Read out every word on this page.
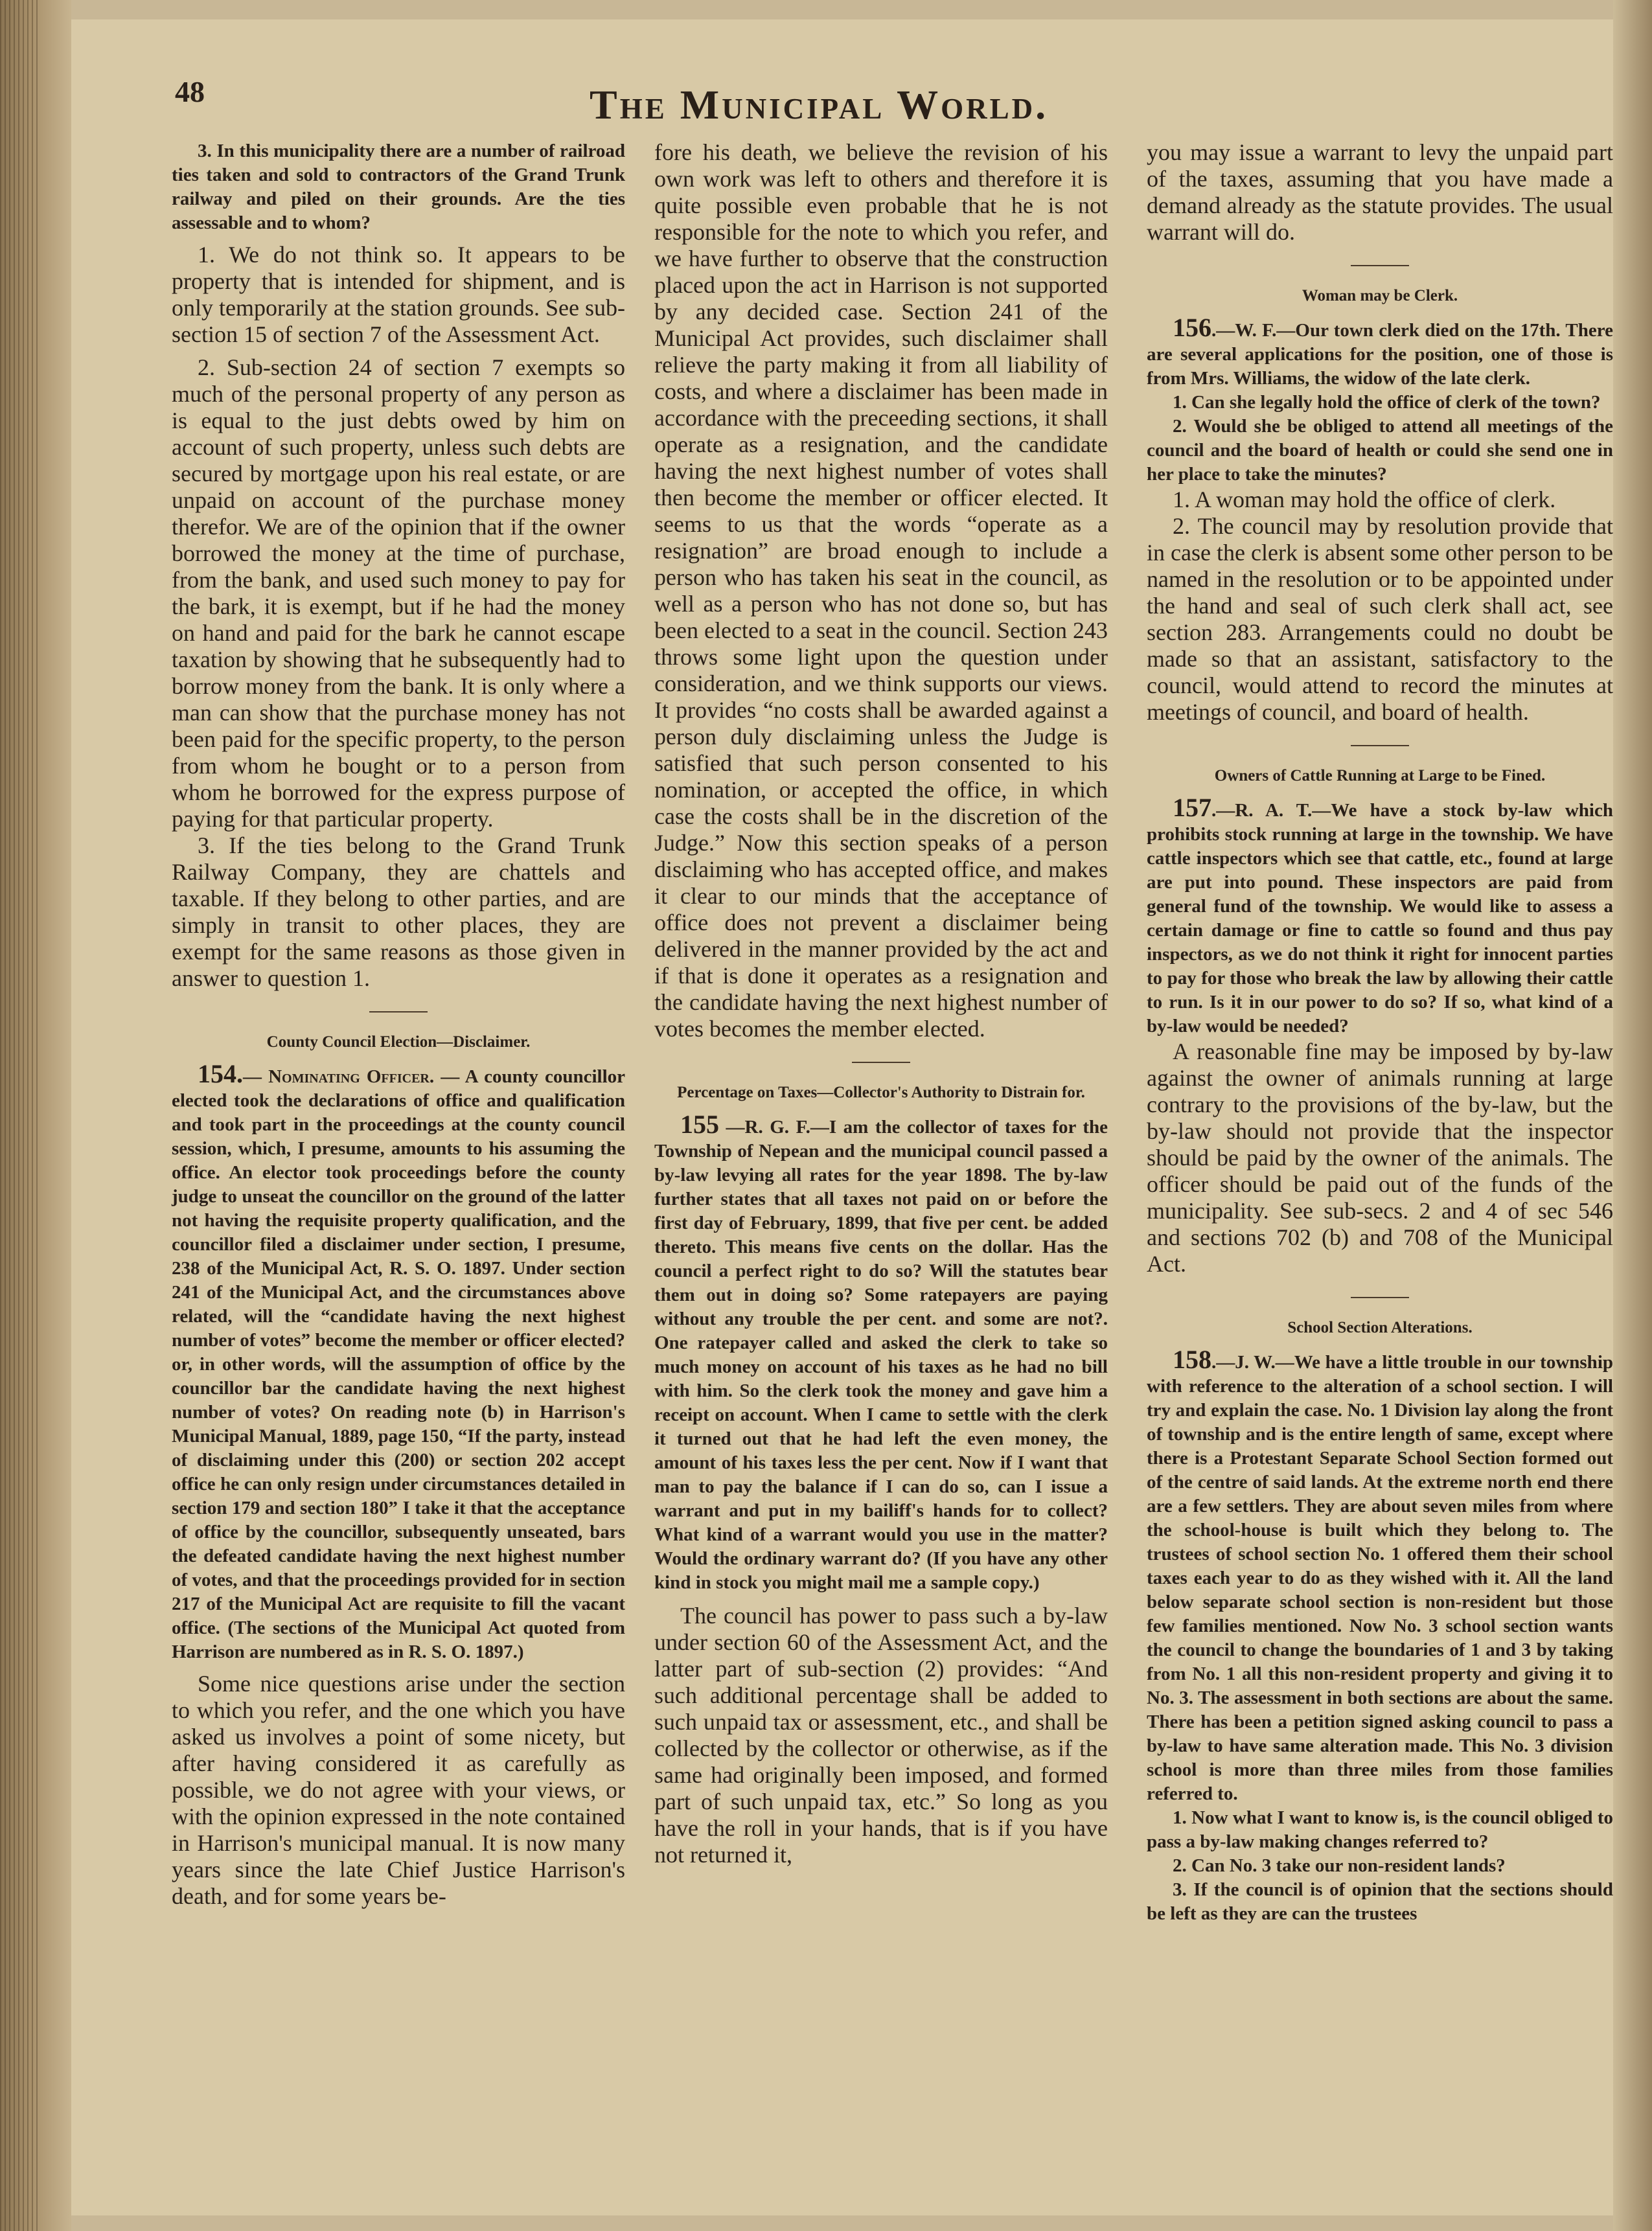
48	The Municipal World.

3. In this municipality there are a number of railroad ties taken and sold to contractors of the Grand Trunk railway and piled on their grounds. Are the ties assessable and to whom?

1. We do not think so. It appears to be property that is intended for shipment, and is only temporarily at the station grounds. See sub-section 15 of section 7 of the Assessment Act.

2. Sub-section 24 of section 7 exempts so much of the personal property of any person as is equal to the just debts owed by him on account of such property, unless such debts are secured by mortgage upon his real estate, or are unpaid on account of the purchase money therefor. We are of the opinion that if the owner borrowed the money at the time of purchase, from the bank, and used such money to pay for the bark, it is exempt, but if he had the money on hand and paid for the bark he cannot escape taxation by showing that he subsequently had to borrow money from the bank. It is only where a man can show that the purchase money has not been paid for the specific property, to the person from whom he bought or to a person from whom he borrowed for the express purpose of paying for that particular property.

3. If the ties belong to the Grand Trunk Railway Company, they are chattels and taxable. If they belong to other parties, and are simply in transit to other places, they are exempt for the same reasons as those given in answer to question 1.

County Council Election—Disclaimer.

154.— Nominating Officer. — A county councillor elected took the declarations of office and qualification and took part in the proceedings at the county council session, which, I presume, amounts to his assuming the office. An elector took proceedings before the county judge to unseat the councillor on the ground of the latter not having the requisite property qualification, and the councillor filed a disclaimer under section, I presume, 238 of the Municipal Act, R. S. O. 1897. Under section 241 of the Municipal Act, and the circumstances above related, will the “candidate having the next highest number of votes” become the member or officer elected? or, in other words, will the assumption of office by the councillor bar the candidate having the next highest number of votes? On reading note (b) in Harrison's Municipal Manual, 1889, page 150, “If the party, instead of disclaiming under this (200) or section 202 accept office he can only resign under circumstances detailed in section 179 and section 180” I take it that the acceptance of office by the councillor, subsequently unseated, bars the defeated candidate having the next highest number of votes, and that the proceedings provided for in section 217 of the Municipal Act are requisite to fill the vacant office. (The sections of the Municipal Act quoted from Harrison are numbered as in R. S. O. 1897.)

Some nice questions arise under the section to which you refer, and the one which you have asked us involves a point of some nicety, but after having considered it as carefully as possible, we do not agree with your views, or with the opinion expressed in the note contained in Harrison's municipal manual. It is now many years since the late Chief Justice Harrison's death, and for some years be-

fore his death, we believe the revision of his own work was left to others and therefore it is quite possible even probable that he is not responsible for the note to which you refer, and we have further to observe that the construction placed upon the act in Harrison is not supported by any decided case. Section 241 of the Municipal Act provides, such disclaimer shall relieve the party making it from all liability of costs, and where a disclaimer has been made in accordance with the preceeding sections, it shall operate as a resignation, and the candidate having the next highest number of votes shall then become the member or officer elected. It seems to us that the words “operate as a resignation” are broad enough to include a person who has taken his seat in the council, as well as a person who has not done so, but has been elected to a seat in the council. Section 243 throws some light upon the question under consideration, and we think supports our views. It provides “no costs shall be awarded against a person duly disclaiming unless the Judge is satisfied that such person consented to his nomination, or accepted the office, in which case the costs shall be in the discretion of the Judge.” Now this section speaks of a person disclaiming who has accepted office, and makes it clear to our minds that the acceptance of office does not prevent a disclaimer being delivered in the manner provided by the act and if that is done it operates as a resignation and the candidate having the next highest number of votes becomes the member elected.

Percentage on Taxes—Collector's Authority to Distrain for.

155 —R. G. F.—I am the collector of taxes for the Township of Nepean and the municipal council passed a by-law levying all rates for the year 1898. The by-law further states that all taxes not paid on or before the first day of February, 1899, that five per cent. be added thereto. This means five cents on the dollar. Has the council a perfect right to do so? Will the statutes bear them out in doing so? Some ratepayers are paying without any trouble the per cent. and some are not?. One ratepayer called and asked the clerk to take so much money on account of his taxes as he had no bill with him. So the clerk took the money and gave him a receipt on account. When I came to settle with the clerk it turned out that he had left the even money, the amount of his taxes less the per cent. Now if I want that man to pay the balance if I can do so, can I issue a warrant and put in my bailiff's hands for to collect? What kind of a warrant would you use in the matter? Would the ordinary warrant do? (If you have any other kind in stock you might mail me a sample copy.)

The council has power to pass such a by-law under section 60 of the Assessment Act, and the latter part of sub-section (2) provides: “And such additional percentage shall be added to such unpaid tax or assessment, etc., and shall be collected by the collector or otherwise, as if the same had originally been imposed, and formed part of such unpaid tax, etc.” So long as you have the roll in your hands, that is if you have not returned it,

you may issue a warrant to levy the unpaid part of the taxes, assuming that you have made a demand already as the statute provides. The usual warrant will do.

Woman may be Clerk.

156.—W. F.—Our town clerk died on the 17th. There are several applications for the position, one of those is from Mrs. Williams, the widow of the late clerk.

1. Can she legally hold the office of clerk of the town?

2. Would she be obliged to attend all meetings of the council and the board of health or could she send one in her place to take the minutes?

1. A woman may hold the office of clerk.

2. The council may by resolution provide that in case the clerk is absent some other person to be named in the resolution or to be appointed under the hand and seal of such clerk shall act, see section 283. Arrangements could no doubt be made so that an assistant, satisfactory to the council, would attend to record the minutes at meetings of council, and board of health.

Owners of Cattle Running at Large to be Fined.

157.—R. A. T.—We have a stock by-law which prohibits stock running at large in the township. We have cattle inspectors which see that cattle, etc., found at large are put into pound. These inspectors are paid from general fund of the township. We would like to assess a certain damage or fine to cattle so found and thus pay inspectors, as we do not think it right for innocent parties to pay for those who break the law by allowing their cattle to run. Is it in our power to do so? If so, what kind of a by-law would be needed?

A reasonable fine may be imposed by by-law against the owner of animals running at large contrary to the provisions of the by-law, but the by-law should not provide that the inspector should be paid by the owner of the animals. The officer should be paid out of the funds of the municipality. See sub-secs. 2 and 4 of sec 546 and sections 702 (b) and 708 of the Municipal Act.

School Section Alterations.

158.—J. W.—We have a little trouble in our township with reference to the alteration of a school section. I will try and explain the case. No. 1 Division lay along the front of township and is the entire length of same, except where there is a Protestant Separate School Section formed out of the centre of said lands. At the extreme north end there are a few settlers. They are about seven miles from where the school-house is built which they belong to. The trustees of school section No. 1 offered them their school taxes each year to do as they wished with it. All the land below separate school section is non-resident but those few families mentioned. Now No. 3 school section wants the council to change the boundaries of 1 and 3 by taking from No. 1 all this non-resident property and giving it to No. 3. The assessment in both sections are about the same. There has been a petition signed asking council to pass a by-law to have same alteration made. This No. 3 division school is more than three miles from those families referred to.

1. Now what I want to know is, is the council obliged to pass a by-law making changes referred to?

2. Can No. 3 take our non-resident lands?

3. If the council is of opinion that the sections should be left as they are can the trustees
